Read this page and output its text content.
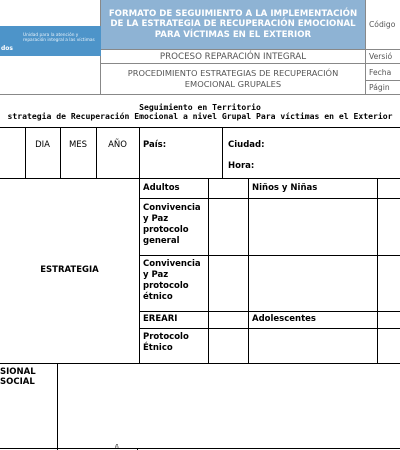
dos
Unidad para la atención y reparación integral a las víctimas
FORMATO DE SEGUIMIENTO A LA IMPLEMENTACIÓN DE LA ESTRATEGIA DE RECUPERACIÓN EMOCIONAL PARA VÍCTIMAS EN EL EXTERIOR
PROCESO REPARACIÓN INTEGRAL
PROCEDIMIENTO ESTRATEGIAS DE RECUPERACIÓN EMOCIONAL GRUPALES
Código
Versió
Fecha
Págin
Seguimiento en Territorio
strategia de Recuperación Emocional a nivel Grupal Para víctimas en el Exterior
DIA	MES	AÑO	País:	Ciudad:
Hora:
ESTRATEGIA
Adultos	Niños y Niñas
Convivencia y Paz protocolo general
Convivencia y Paz protocolo étnico
EREARI	Adolescentes
Protocolo Étnico
SIONAL
SOCIAL
ñ
